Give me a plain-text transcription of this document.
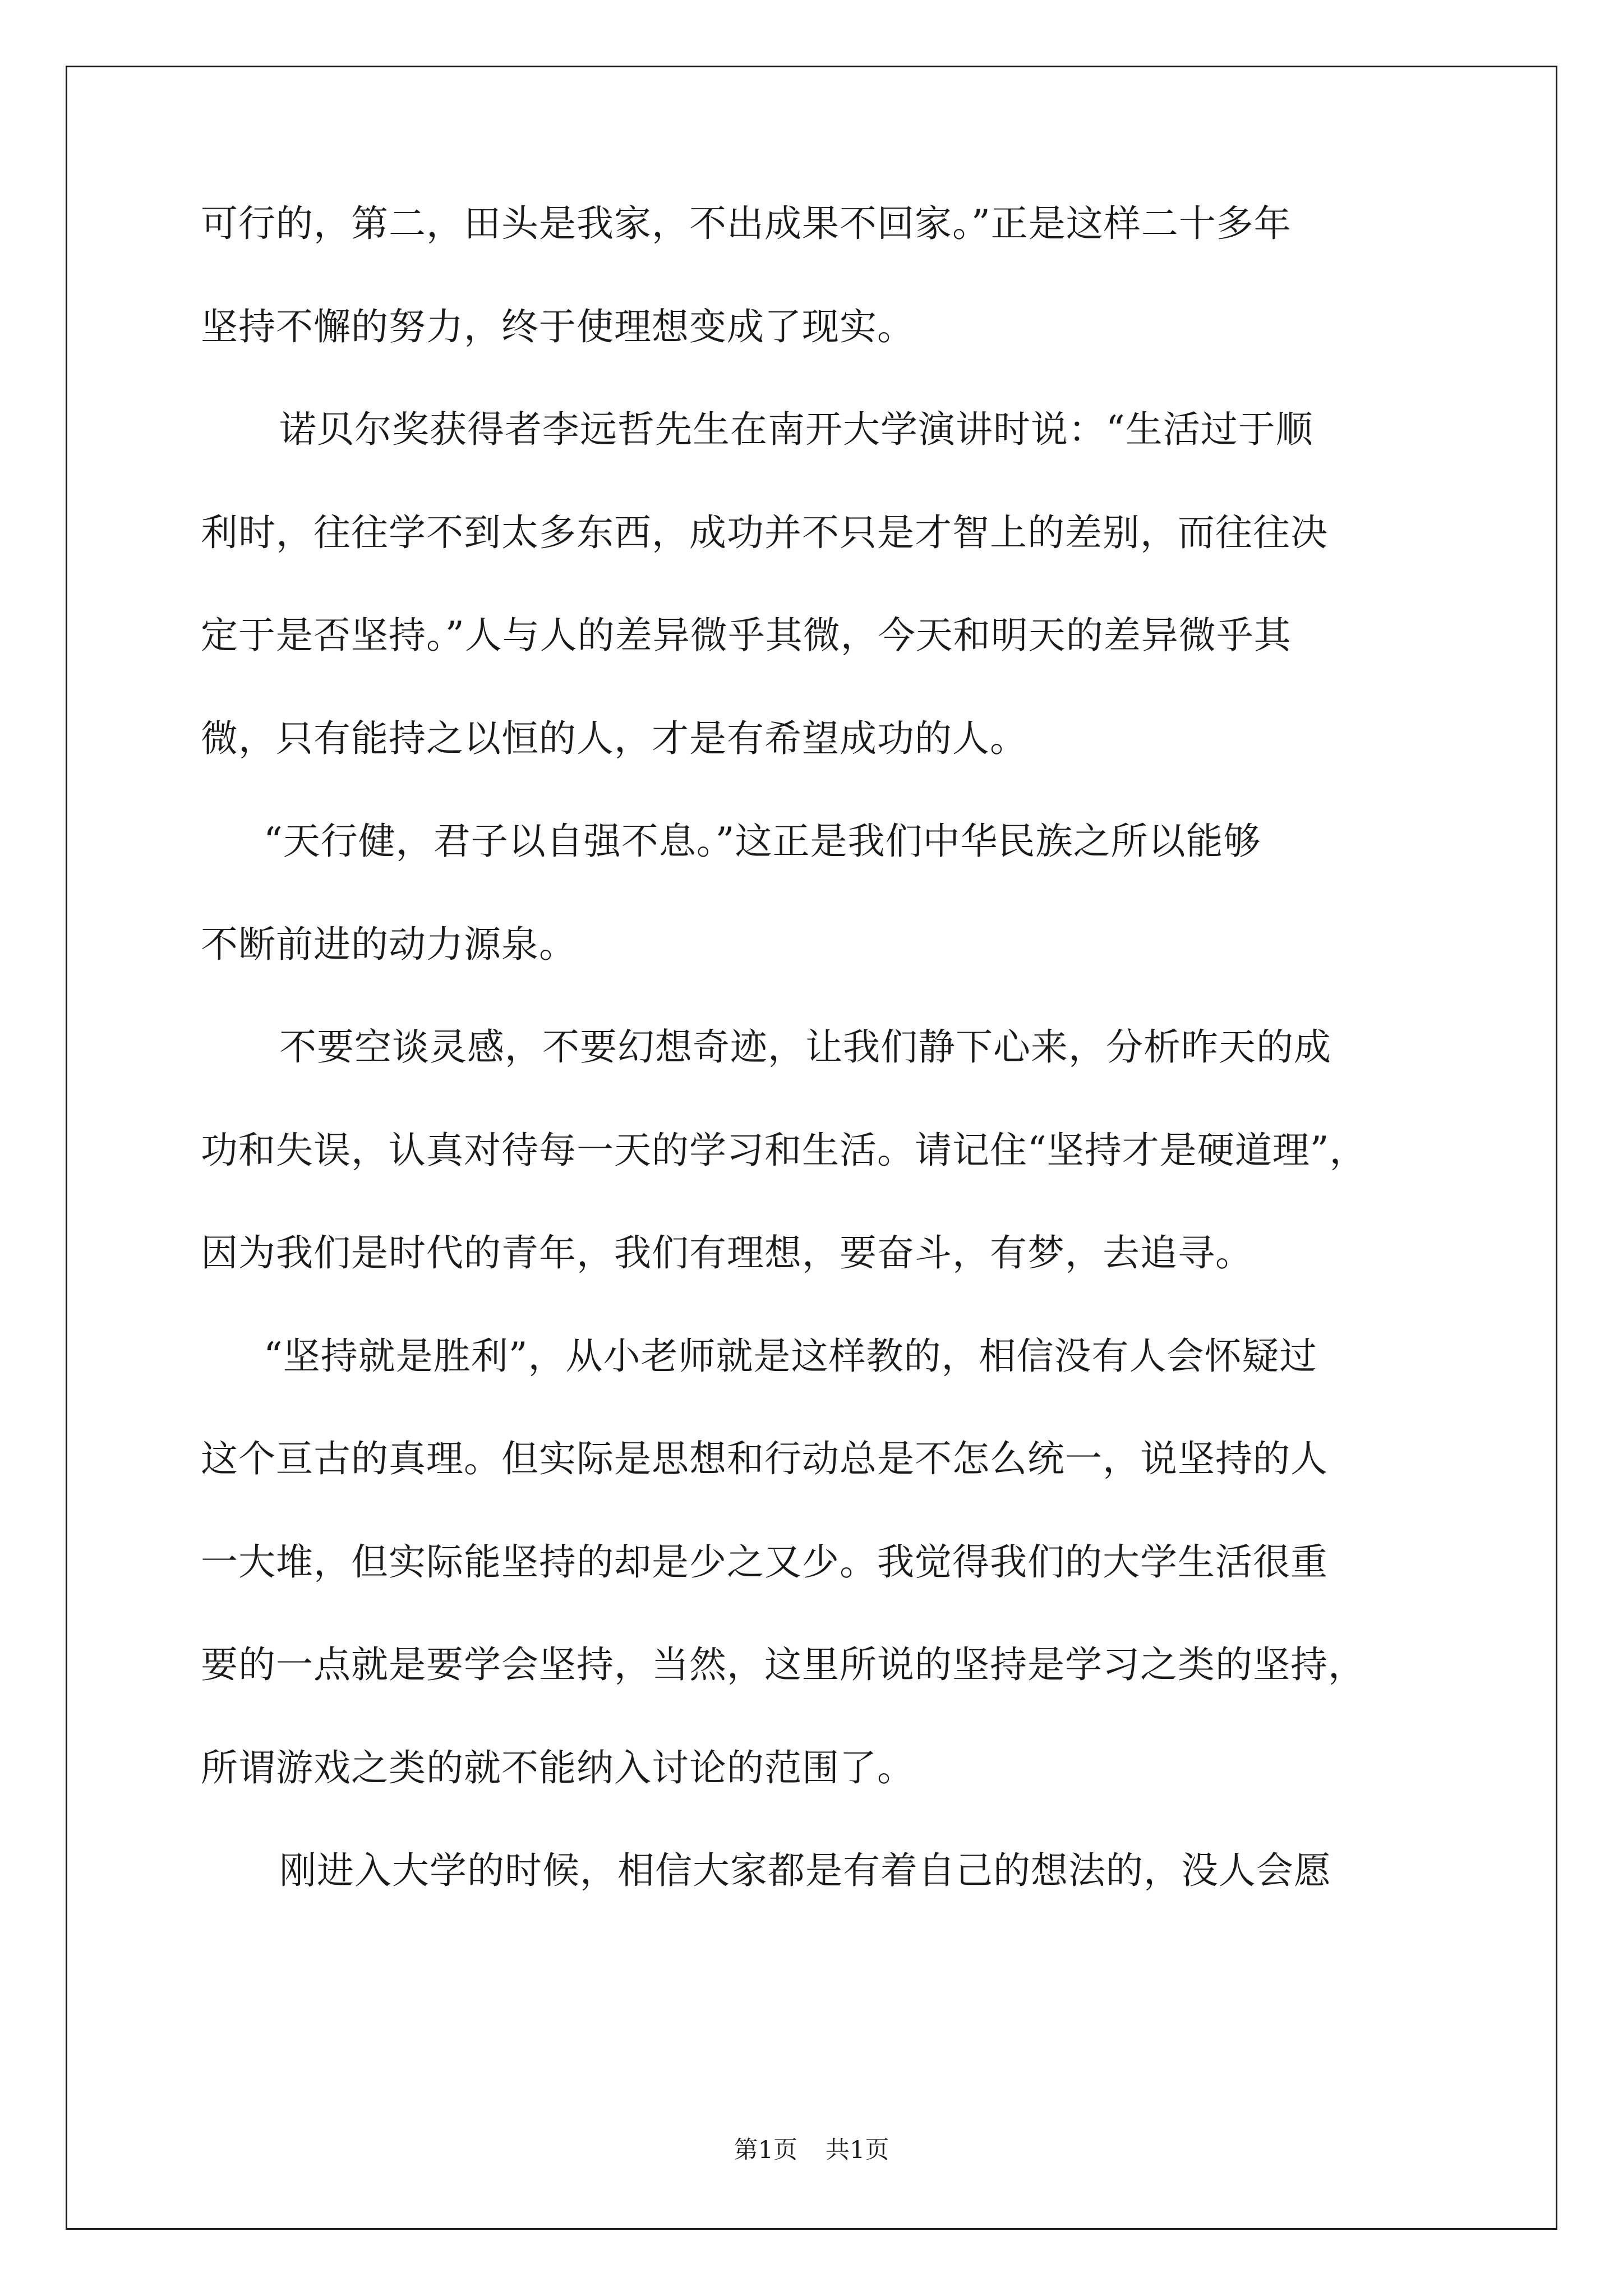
可行的，第二，田头是我家，不出成果不回家。”正是这样二十多年
坚持不懈的努力，终于使理想变成了现实。
诺贝尔奖获得者李远哲先生在南开大学演讲时说：“生活过于顺
利时，往往学不到太多东西，成功并不只是才智上的差别，而往往决
定于是否坚持。”人与人的差异微乎其微，今天和明天的差异微乎其
微，只有能持之以恒的人，才是有希望成功的人。
“天行健，君子以自强不息。”这正是我们中华民族之所以能够
不断前进的动力源泉。
不要空谈灵感，不要幻想奇迹，让我们静下心来，分析昨天的成
功和失误，认真对待每一天的学习和生活。请记住“坚持才是硬道理”，
因为我们是时代的青年，我们有理想，要奋斗，有梦，去追寻。
“坚持就是胜利”，从小老师就是这样教的，相信没有人会怀疑过
这个亘古的真理。但实际是思想和行动总是不怎么统一，说坚持的人
一大堆，但实际能坚持的却是少之又少。我觉得我们的大学生活很重
要的一点就是要学会坚持，当然，这里所说的坚持是学习之类的坚持，
所谓游戏之类的就不能纳入讨论的范围了。
刚进入大学的时候，相信大家都是有着自己的想法的，没人会愿
第1页 共1页
